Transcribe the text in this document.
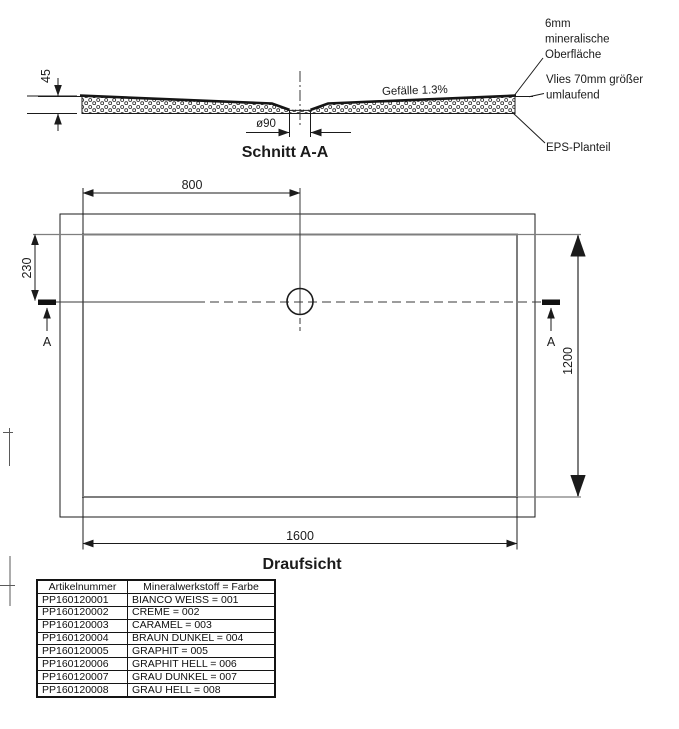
45
ø90
Gefälle 1.3%
6mm
mineralische
Oberfläche
Vlies 70mm größer
umlaufend
EPS-Planteil
Schnitt A-A
800
230
1200
1600
A	A
Draufsicht
Artikelnummer	Mineralwerkstoff = Farbe
PP160120001	BIANCO WEISS = 001
PP160120002	CREME = 002
PP160120003	CARAMEL = 003
PP160120004	BRAUN DUNKEL = 004
PP160120005	GRAPHIT = 005
PP160120006	GRAPHIT HELL = 006
PP160120007	GRAU DUNKEL = 007
PP160120008	GRAU HELL = 008
